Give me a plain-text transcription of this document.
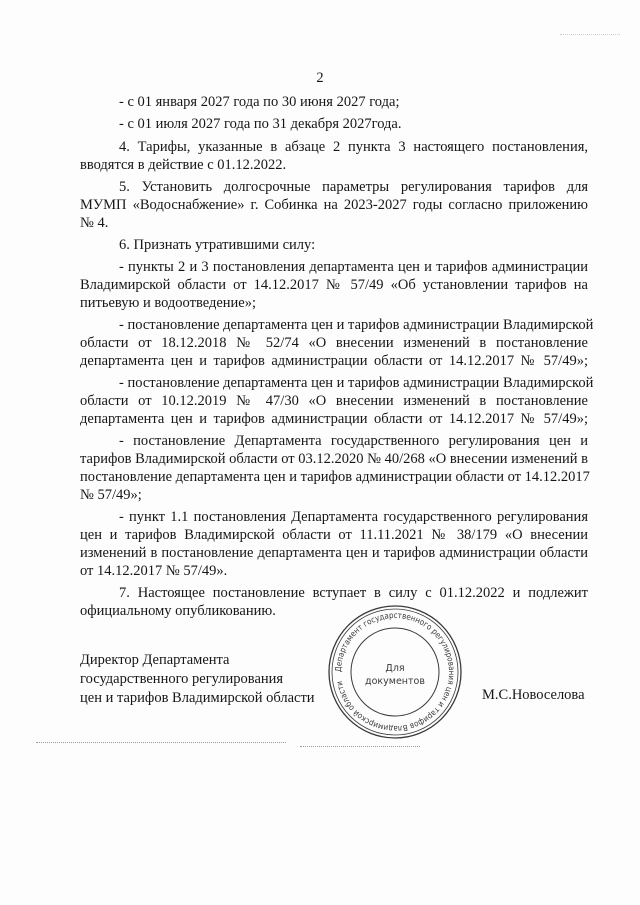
2
- с 01 января 2027 года по 30 июня 2027 года;
- с 01 июля 2027 года по 31 декабря 2027года.
4. Тарифы, указанные в абзаце 2 пункта 3 настоящего постановления,
вводятся в действие с 01.12.2022.
5. Установить долгосрочные параметры регулирования тарифов для
МУМП «Водоснабжение» г. Собинка на 2023-2027 годы согласно приложению
№ 4.
6. Признать утратившими силу:
- пункты 2 и 3 постановления департамента цен и тарифов администрации
Владимирской области от 14.12.2017 № 57/49 «Об установлении тарифов на
питьевую и водоотведение»;
- постановление департамента цен и тарифов администрации Владимирской
области от 18.12.2018 № 52/74 «О внесении изменений в постановление
департамента цен и тарифов администрации области от 14.12.2017 № 57/49»;
- постановление департамента цен и тарифов администрации Владимирской
области от 10.12.2019 № 47/30 «О внесении изменений в постановление
департамента цен и тарифов администрации области от 14.12.2017 № 57/49»;
- постановление Департамента государственного регулирования цен и
тарифов Владимирской области от 03.12.2020 № 40/268 «О внесении изменений в
постановление департамента цен и тарифов администрации области от 14.12.2017
№ 57/49»;
- пункт 1.1 постановления Департамента государственного регулирования
цен и тарифов Владимирской области от 11.11.2021 № 38/179 «О внесении
изменений в постановление департамента цен и тарифов администрации области
от 14.12.2017 № 57/49».
7. Настоящее постановление вступает в силу с 01.12.2022 и подлежит
официальному опубликованию.
Директор Департамента
государственного регулирования
цен и тарифов Владимирской области
Департамент государственного регулирования цен и тарифов Владимирской области
Для
документов
М.С.Новоселова
